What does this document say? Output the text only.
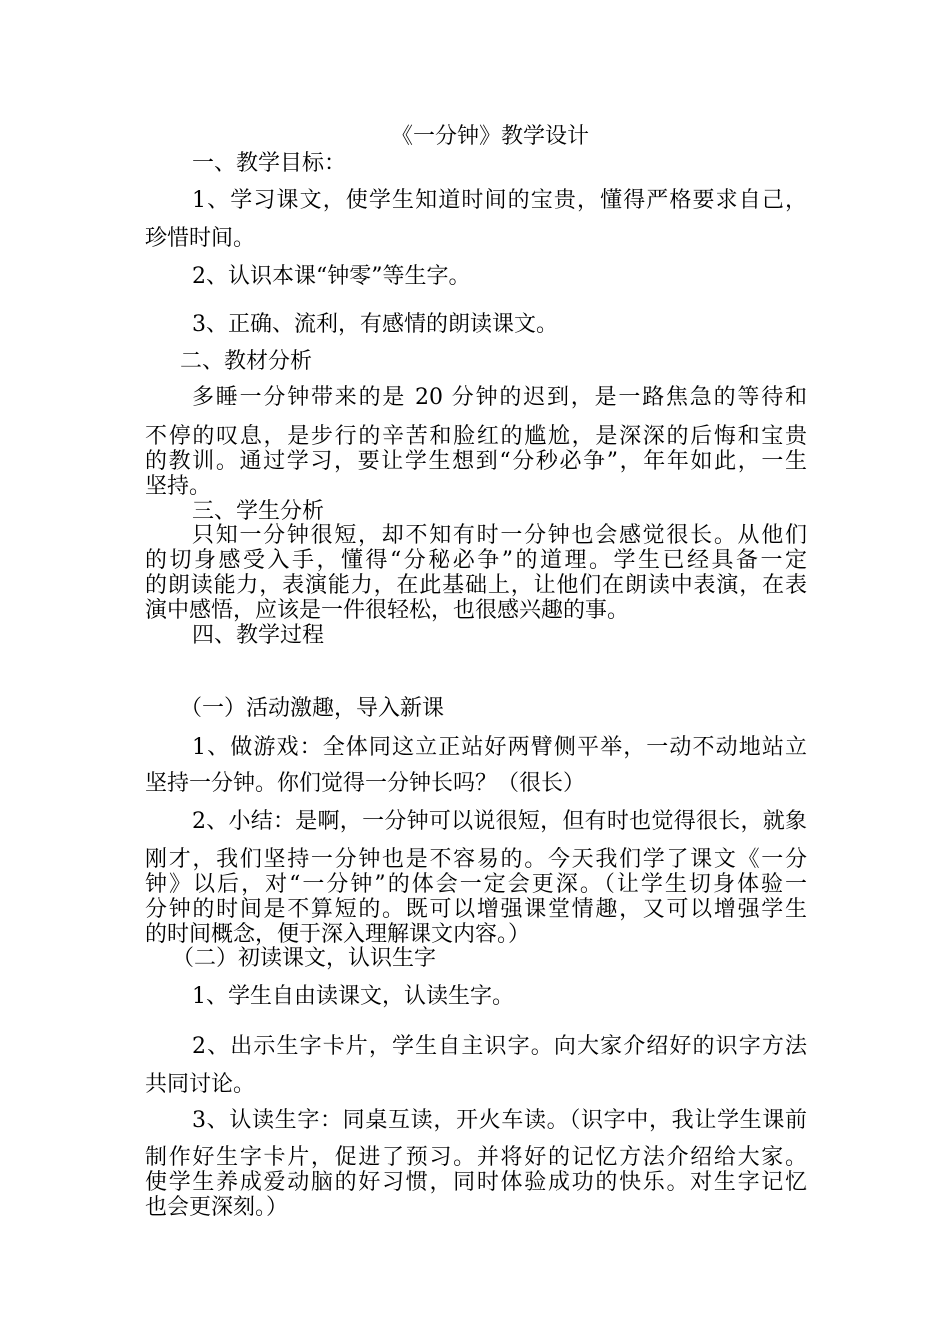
《一分钟》教学设计
一、教学目标：
1、学习课文，使学生知道时间的宝贵，懂得严格要求自己，
珍惜时间。
2、认识本课“钟零”等生字。
3、正确、流利，有感情的朗读课文。
二、教材分析
多睡一分钟带来的是 20 分钟的迟到，是一路焦急的等待和
不停的叹息，是步行的辛苦和脸红的尴尬，是深深的后悔和宝贵
的教训。通过学习，要让学生想到“分秒必争”，年年如此，一生
坚持。
三、学生分析
只知一分钟很短，却不知有时一分钟也会感觉很长。从他们
的切身感受入手，懂得“分秘必争”的道理。学生已经具备一定
的朗读能力，表演能力，在此基础上，让他们在朗读中表演，在表
演中感悟，应该是一件很轻松，也很感兴趣的事。
四、教学过程
（一）活动激趣，导入新课
1、做游戏：全体同这立正站好两臂侧平举，一动不动地站立
坚持一分钟。你们觉得一分钟长吗？（很长）
2、小结：是啊，一分钟可以说很短，但有时也觉得很长，就象
刚才，我们坚持一分钟也是不容易的。今天我们学了课文《一分
钟》以后，对“一分钟”的体会一定会更深。（让学生切身体验一
分钟的时间是不算短的。既可以增强课堂情趣，又可以增强学生
的时间概念，便于深入理解课文内容。）
（二）初读课文，认识生字
1、学生自由读课文，认读生字。
2、出示生字卡片，学生自主识字。向大家介绍好的识字方法
共同讨论。
3、认读生字：同桌互读，开火车读。（识字中，我让学生课前
制作好生字卡片，促进了预习。并将好的记忆方法介绍给大家。
使学生养成爱动脑的好习惯，同时体验成功的快乐。对生字记忆
也会更深刻。）
